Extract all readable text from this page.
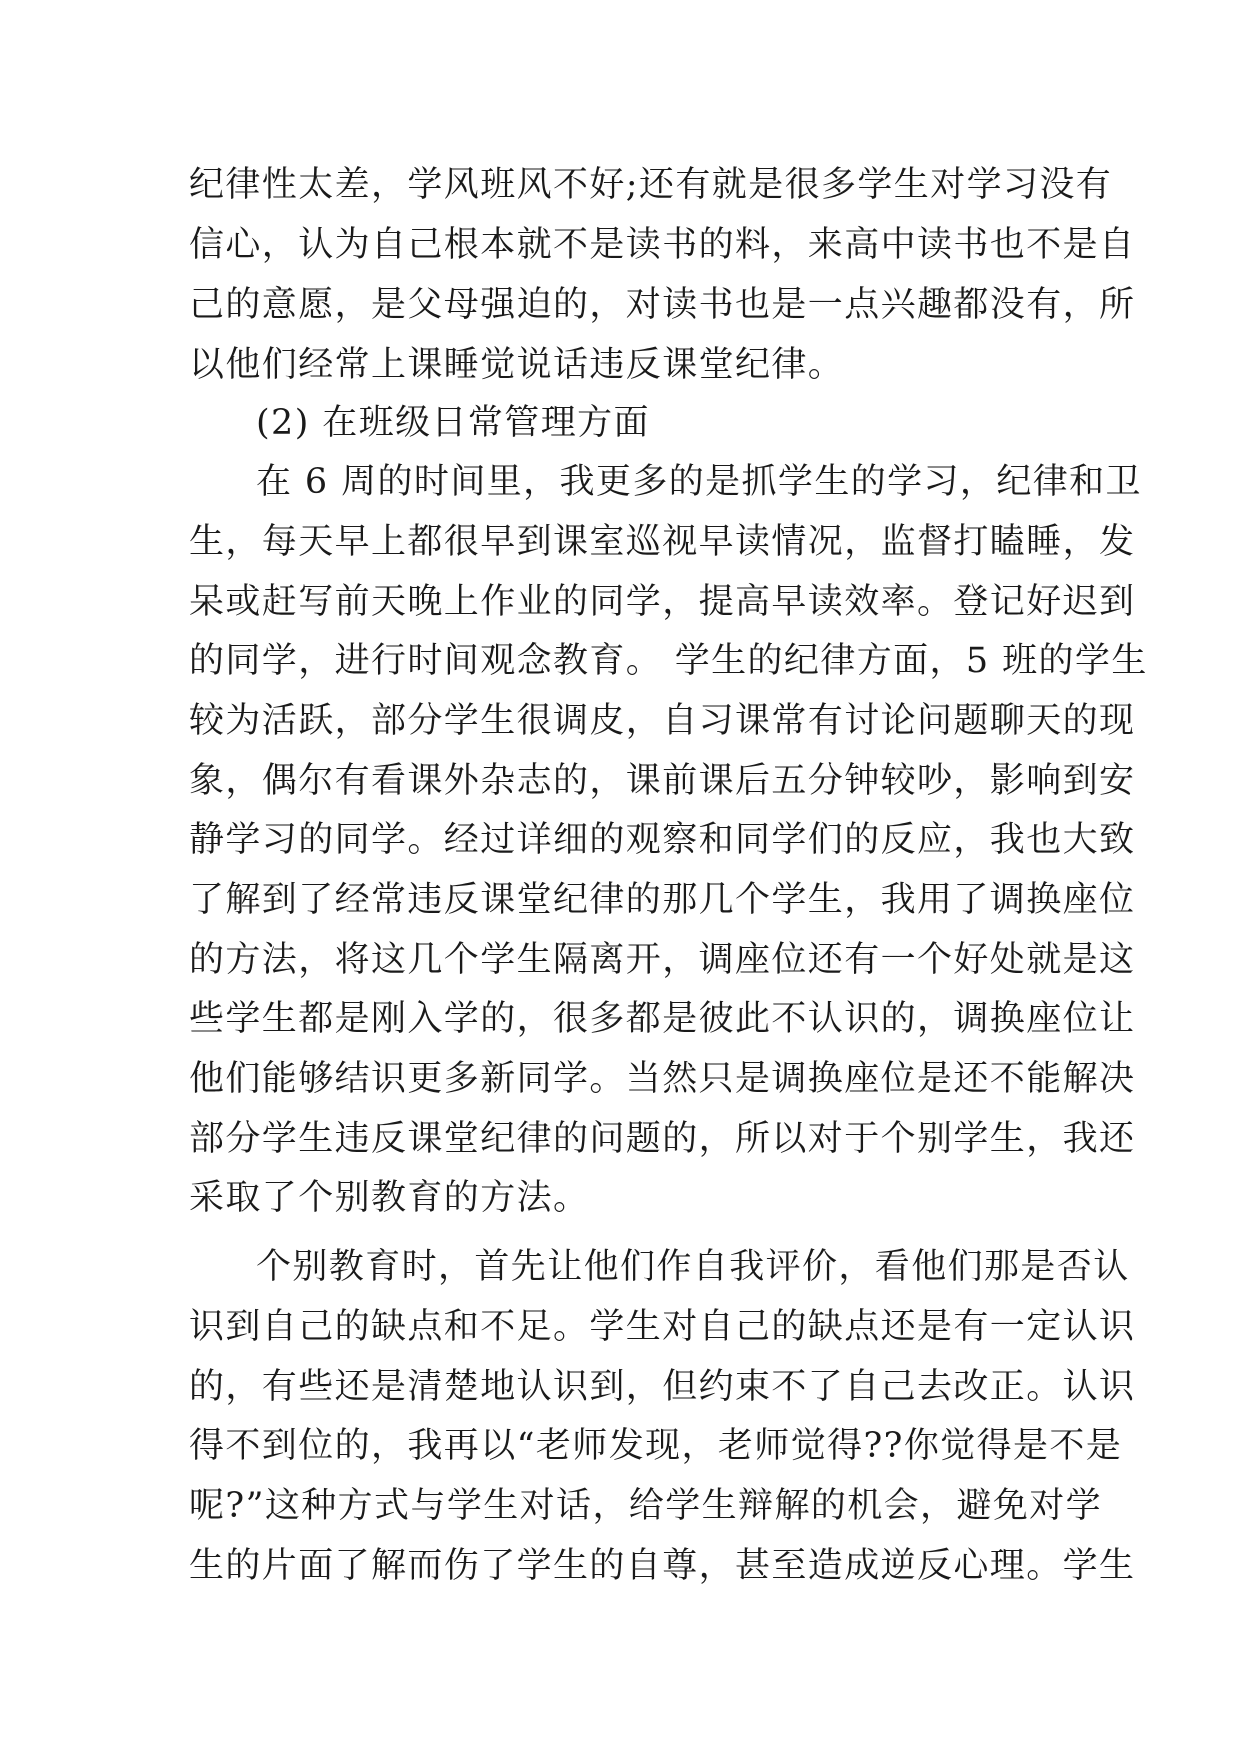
纪律性太差，学风班风不好;还有就是很多学生对学习没有
信心，认为自己根本就不是读书的料，来高中读书也不是自
己的意愿，是父母强迫的，对读书也是一点兴趣都没有，所
以他们经常上课睡觉说话违反课堂纪律。
(2) 在班级日常管理方面
在 6 周的时间里，我更多的是抓学生的学习，纪律和卫
生，每天早上都很早到课室巡视早读情况，监督打瞌睡，发
呆或赶写前天晚上作业的同学，提高早读效率。登记好迟到
的同学，进行时间观念教育。 学生的纪律方面，5 班的学生
较为活跃，部分学生很调皮，自习课常有讨论问题聊天的现
象，偶尔有看课外杂志的，课前课后五分钟较吵，影响到安
静学习的同学。经过详细的观察和同学们的反应，我也大致
了解到了经常违反课堂纪律的那几个学生，我用了调换座位
的方法，将这几个学生隔离开，调座位还有一个好处就是这
些学生都是刚入学的，很多都是彼此不认识的，调换座位让
他们能够结识更多新同学。当然只是调换座位是还不能解决
部分学生违反课堂纪律的问题的，所以对于个别学生，我还
采取了个别教育的方法。
个别教育时，首先让他们作自我评价，看他们那是否认
识到自己的缺点和不足。学生对自己的缺点还是有一定认识
的，有些还是清楚地认识到，但约束不了自己去改正。认识
得不到位的，我再以“老师发现，老师觉得??你觉得是不是
呢?”这种方式与学生对话，给学生辩解的机会，避免对学
生的片面了解而伤了学生的自尊，甚至造成逆反心理。学生
